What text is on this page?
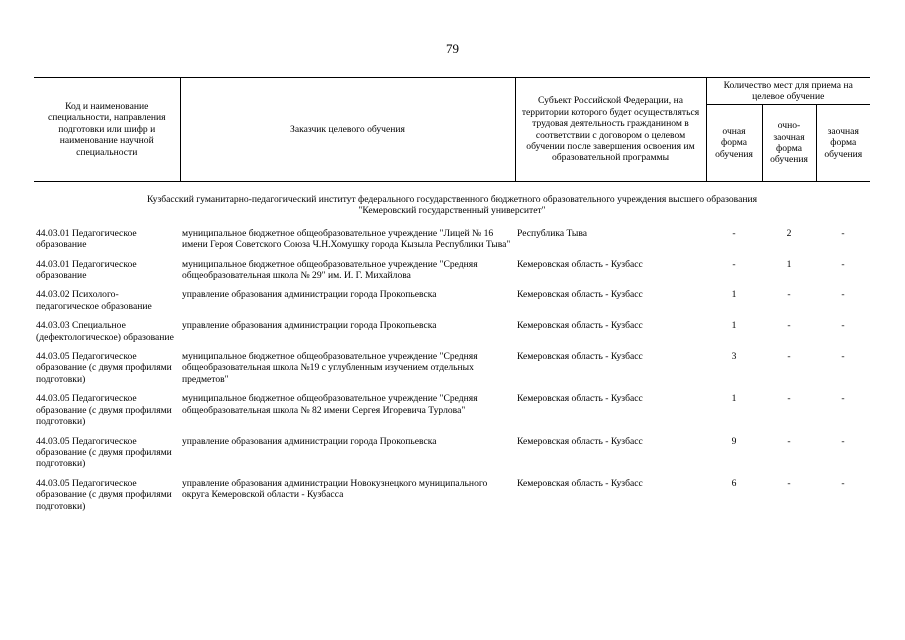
79
Код и наименование специальности, направления подготовки или шифр и наименование научной специальности	Заказчик целевого обучения	Субъект Российской Федерации, на территории которого будет осуществляться трудовая деятельность гражданином в соответствии с договором о целевом обучении после завершения освоения им образовательной программы	Количество мест для приема на целевое обучение		
			очная форма обучения	очно-заочная форма обучения	заочная форма обучения

Кузбасский гуманитарно-педагогический институт федерального государственного бюджетного образовательного учреждения высшего образования
"Кемеровский государственный университет"					

44.03.01 Педагогическое образование	муниципальное бюджетное общеобразовательное учреждение "Лицей № 16 имени Героя Советского Союза Ч.Н.Хомушку города Кызыла Республики Тыва"	Республика Тыва	-	2	-
44.03.01 Педагогическое образование	муниципальное бюджетное общеобразовательное учреждение "Средняя общеобразовательная школа № 29" им. И. Г. Михайлова	Кемеровская область - Кузбасс	-	1	-
44.03.02 Психолого-педагогическое образование	управление образования администрации города Прокопьевска	Кемеровская область - Кузбасс	1	-	-
44.03.03 Специальное (дефектологическое) образование	управление образования администрации города Прокопьевска	Кемеровская область - Кузбасс	1	-	-
44.03.05 Педагогическое образование (с двумя профилями подготовки)	муниципальное бюджетное общеобразовательное учреждение "Средняя общеобразовательная школа №19 с углубленным изучением отдельных предметов"	Кемеровская область - Кузбасс	3	-	-
44.03.05 Педагогическое образование (с двумя профилями подготовки)	муниципальное бюджетное общеобразовательное учреждение "Средняя общеобразовательная школа № 82 имени Сергея Игоревича Турлова"	Кемеровская область - Кузбасс	1	-	-
44.03.05 Педагогическое образование (с двумя профилями подготовки)	управление образования администрации города Прокопьевска	Кемеровская область - Кузбасс	9	-	-
44.03.05 Педагогическое образование (с двумя профилями подготовки)	управление образования администрации Новокузнецкого муниципального округа Кемеровской области - Кузбасса	Кемеровская область - Кузбасс	6	-	-
